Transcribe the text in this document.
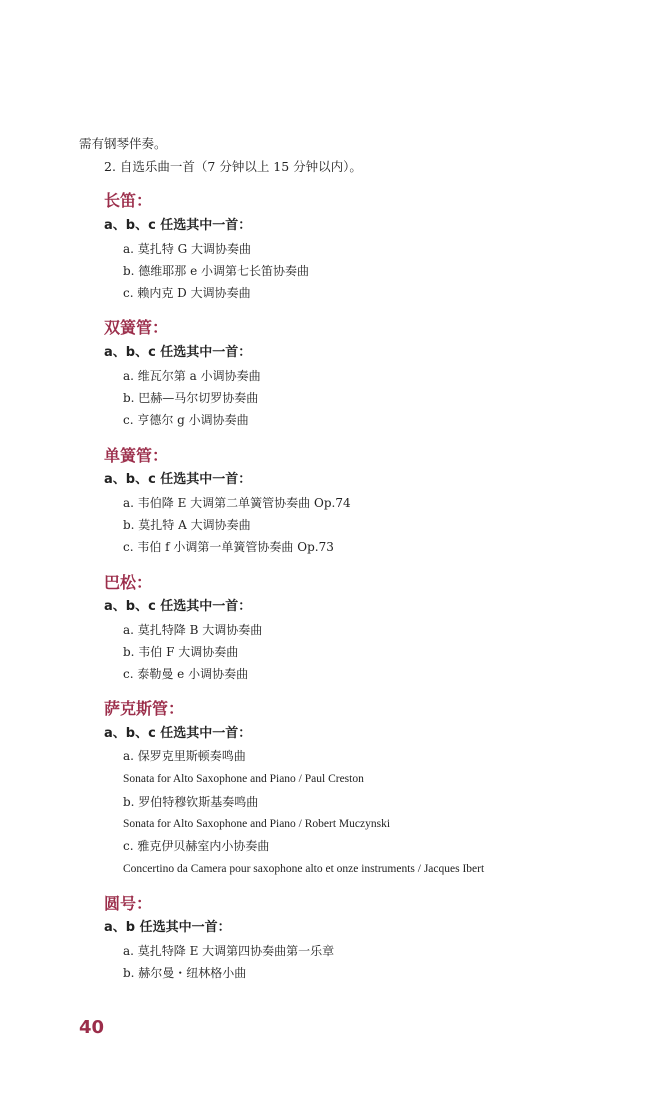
需有钢琴伴奏。
2. 自选乐曲一首（7 分钟以上 15 分钟以内）。
长笛：
a、b、c 任选其中一首：
a. 莫扎特 G 大调协奏曲
b. 德维耶那 e 小调第七长笛协奏曲
c. 赖内克 D 大调协奏曲
双簧管：
a、b、c 任选其中一首：
a. 维瓦尔第 a 小调协奏曲
b. 巴赫—马尔切罗协奏曲
c. 亨德尔 g 小调协奏曲
单簧管：
a、b、c 任选其中一首：
a. 韦伯降 E 大调第二单簧管协奏曲 Op.74
b. 莫扎特 A 大调协奏曲
c. 韦伯 f 小调第一单簧管协奏曲 Op.73
巴松：
a、b、c 任选其中一首：
a. 莫扎特降 B 大调协奏曲
b. 韦伯 F 大调协奏曲
c. 泰勒曼 e 小调协奏曲
萨克斯管：
a、b、c 任选其中一首：
a. 保罗克里斯顿奏鸣曲
Sonata for Alto Saxophone and Piano / Paul Creston
b. 罗伯特穆钦斯基奏鸣曲
Sonata for Alto Saxophone and Piano / Robert Muczynski
c. 雅克伊贝赫室内小协奏曲
Concertino da Camera pour saxophone alto et onze instruments / Jacques Ibert
圆号：
a、b 任选其中一首：
a. 莫扎特降 E 大调第四协奏曲第一乐章
b. 赫尔曼・纽林格小曲
40
